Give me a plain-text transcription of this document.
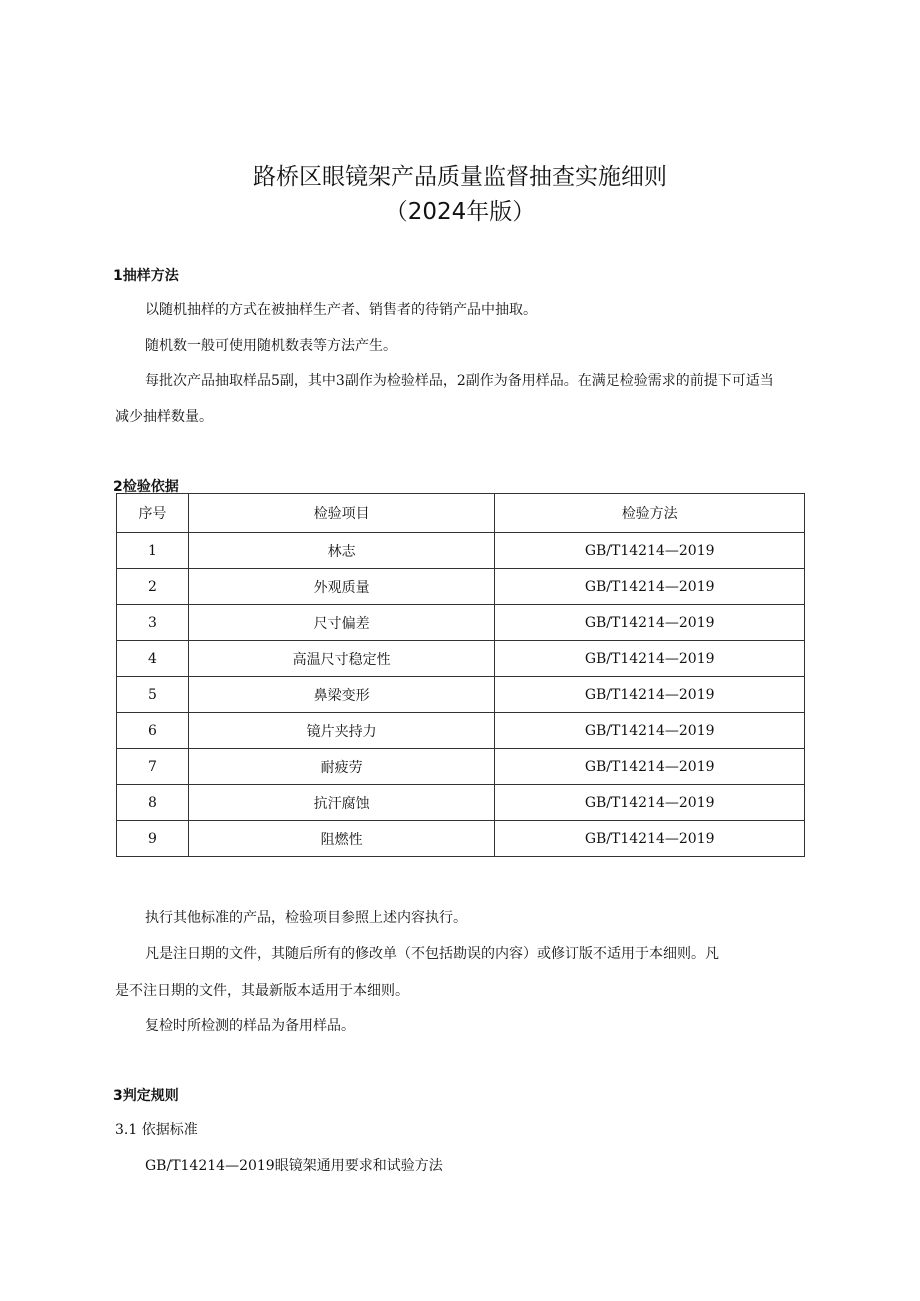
路桥区眼镜架产品质量监督抽查实施细则
（2024年版）
1抽样方法
以随机抽样的方式在被抽样生产者、销售者的待销产品中抽取。
随机数一般可使用随机数表等方法产生。
每批次产品抽取样品5副，其中3副作为检验样品，2副作为备用样品。在满足检验需求的前提下可适当
减少抽样数量。
2检验依据
序号	检验项目	检验方法
1	林志	GB/T14214—2019
2	外观质量	GB/T14214—2019
3	尺寸偏差	GB/T14214—2019
4	高温尺寸稳定性	GB/T14214—2019
5	鼻梁变形	GB/T14214—2019
6	镜片夹持力	GB/T14214—2019
7	耐疲劳	GB/T14214—2019
8	抗汗腐蚀	GB/T14214—2019
9	阻燃性	GB/T14214—2019
执行其他标准的产品，检验项目参照上述内容执行。
凡是注日期的文件，其随后所有的修改单（不包括勘误的内容）或修订版不适用于本细则。凡
是不注日期的文件，其最新版本适用于本细则。
复检时所检测的样品为备用样品。
3判定规则
3.1 依据标准
GB/T14214—2019眼镜架通用要求和试验方法
